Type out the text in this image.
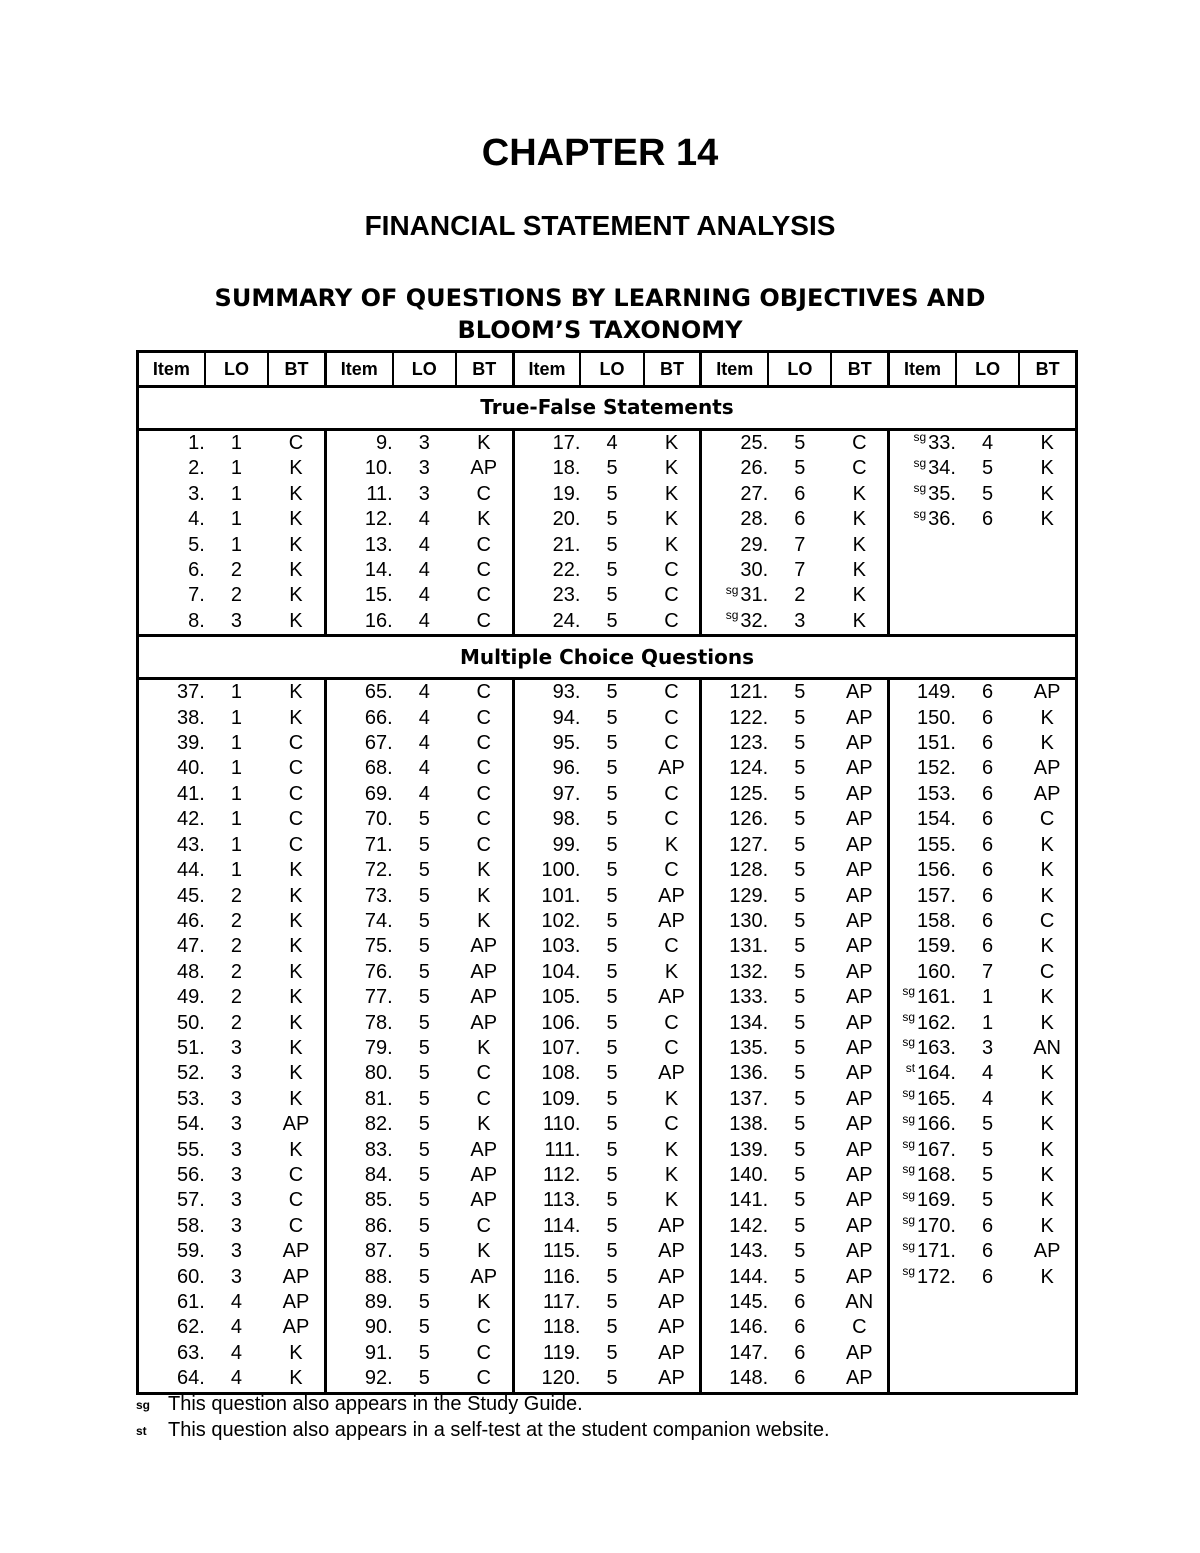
CHAPTER 14
FINANCIAL STATEMENT ANALYSIS
SUMMARY OF QUESTIONS BY LEARNING OBJECTIVES AND
BLOOM’S TAXONOMY
Item	LO	BT	Item	LO	BT	Item	LO	BT	Item	LO	BT	Item	LO	BT
True-False Statements														
1.	1	C	9.	3	K	17.	4	K	25.	5	C	$^{sg}$ 33.	4	K
2.	1	K	10.	3	AP	18.	5	K	26.	5	C	$^{sg}$ 34.	5	K
3.	1	K	11.	3	C	19.	5	K	27.	6	K	$^{sg}$ 35.	5	K
4.	1	K	12.	4	K	20.	5	K	28.	6	K	$^{sg}$ 36.	6	K
5.	1	K	13.	4	C	21.	5	K	29.	7	K			
6.	2	K	14.	4	C	22.	5	C	30.	7	K			
7.	2	K	15.	4	C	23.	5	C	$^{sg}$ 31.	2	K			
8.	3	K	16.	4	C	24.	5	C	$^{sg}$ 32.	3	K			
Multiple Choice Questions														
37.	1	K	65.	4	C	93.	5	C	121.	5	AP	149.	6	AP
38.	1	K	66.	4	C	94.	5	C	122.	5	AP	150.	6	K
39.	1	C	67.	4	C	95.	5	C	123.	5	AP	151.	6	K
40.	1	C	68.	4	C	96.	5	AP	124.	5	AP	152.	6	AP
41.	1	C	69.	4	C	97.	5	C	125.	5	AP	153.	6	AP
42.	1	C	70.	5	C	98.	5	C	126.	5	AP	154.	6	C
43.	1	C	71.	5	C	99.	5	K	127.	5	AP	155.	6	K
44.	1	K	72.	5	K	100.	5	C	128.	5	AP	156.	6	K
45.	2	K	73.	5	K	101.	5	AP	129.	5	AP	157.	6	K
46.	2	K	74.	5	K	102.	5	AP	130.	5	AP	158.	6	C
47.	2	K	75.	5	AP	103.	5	C	131.	5	AP	159.	6	K
48.	2	K	76.	5	AP	104.	5	K	132.	5	AP	160.	7	C
49.	2	K	77.	5	AP	105.	5	AP	133.	5	AP	$^{sg}$ 161.	1	K
50.	2	K	78.	5	AP	106.	5	C	134.	5	AP	$^{sg}$ 162.	1	K
51.	3	K	79.	5	K	107.	5	C	135.	5	AP	$^{sg}$ 163.	3	AN
52.	3	K	80.	5	C	108.	5	AP	136.	5	AP	$^{st}$ 164.	4	K
53.	3	K	81.	5	C	109.	5	K	137.	5	AP	$^{sg}$ 165.	4	K
54.	3	AP	82.	5	K	110.	5	C	138.	5	AP	$^{sg}$ 166.	5	K
55.	3	K	83.	5	AP	111.	5	K	139.	5	AP	$^{sg}$ 167.	5	K
56.	3	C	84.	5	AP	112.	5	K	140.	5	AP	$^{sg}$ 168.	5	K
57.	3	C	85.	5	AP	113.	5	K	141.	5	AP	$^{sg}$ 169.	5	K
58.	3	C	86.	5	C	114.	5	AP	142.	5	AP	$^{sg}$ 170.	6	K
59.	3	AP	87.	5	K	115.	5	AP	143.	5	AP	$^{sg}$ 171.	6	AP
60.	3	AP	88.	5	AP	116.	5	AP	144.	5	AP	$^{sg}$ 172.	6	K
61.	4	AP	89.	5	K	117.	5	AP	145.	6	AN			
62.	4	AP	90.	5	C	118.	5	AP	146.	6	C			
63.	4	K	91.	5	C	119.	5	AP	147.	6	AP			
64.	4	K	92.	5	C	120.	5	AP	148.	6	AP			
sg This question also appears in the Study Guide.
st	This question also appears in a self-test at the student companion website.
